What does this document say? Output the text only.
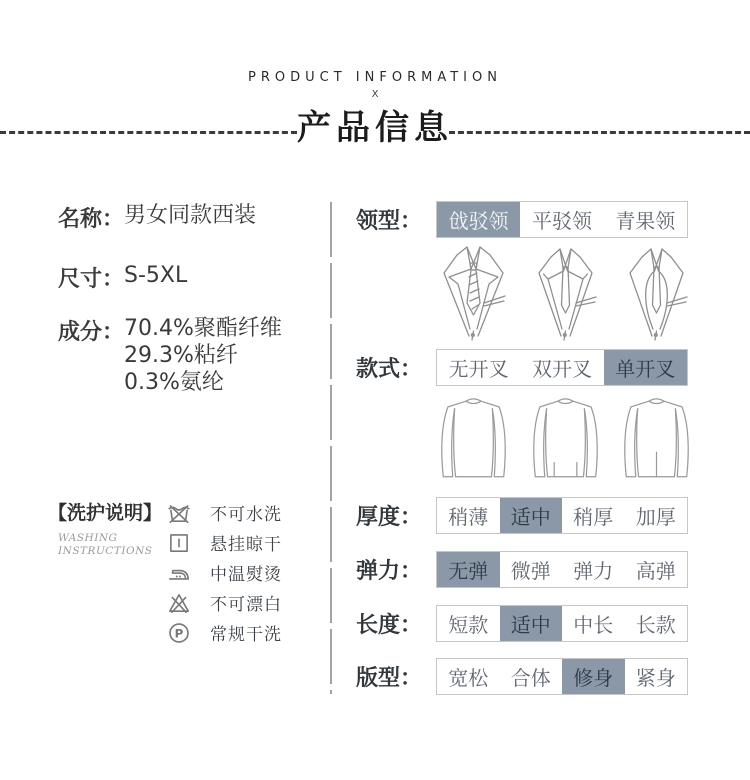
PRODUCT INFORMATION
X
产品信息
名称： 男女同款西装
尺寸： S-5XL
成分： 70.4%聚酯纤维
29.3%粘纤
0.3%氨纶
【洗护说明】
WASHING
INSTRUCTIONS
不可水洗
悬挂晾干
中温熨烫
不可漂白
P 常规干洗
领型：	戗驳领	平驳领	青果领
款式：	无开叉	双开叉	单开叉
厚度：	稍薄	适中	稍厚	加厚
弹力：	无弹	微弹	弹力	高弹
长度：	短款	适中	中长	长款
版型：	宽松	合体	修身	紧身
